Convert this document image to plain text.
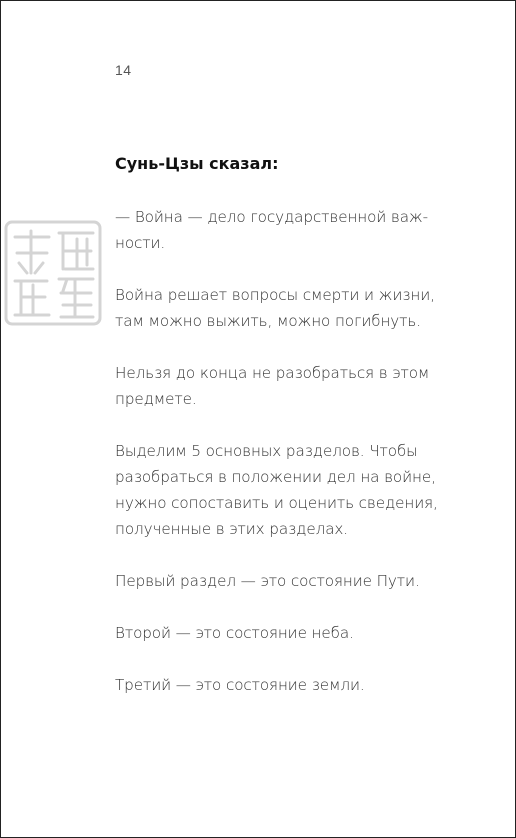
14
Сунь-Цзы сказал:

— Война — дело государственной важ-
ности.

Война решает вопросы смерти и жизни,
там можно выжить, можно погибнуть.

Нельзя до конца не разобраться в этом
предмете.

Выделим 5 основных разделов. Чтобы
разобраться в положении дел на войне,
нужно сопоставить и оценить сведения,
полученные в этих разделах.

Первый раздел — это состояние Пути.

Второй — это состояние неба.

Третий — это состояние земли.
